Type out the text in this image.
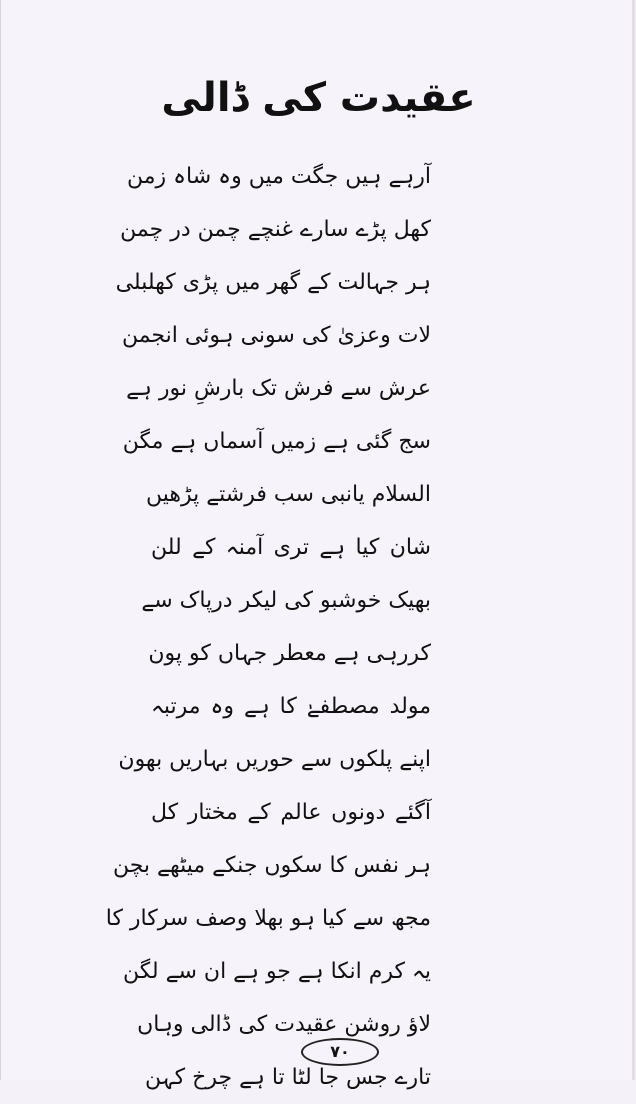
عقیدت کی ڈالی
آرہے ہیں جگت میں وہ شاہ زمن
کھل پڑے سارے غنچے چمن در چمن
ہر جہالت کے گھر میں پڑی کھلبلی
لات وعزیٰ کی سونی ہوئی انجمن
عرش سے فرش تک بارشِ نور ہے
سج گئی ہے زمیں آسماں ہے مگن
السلام یانبی سب فرشتے پڑھیں
شان کیا ہے تری آمنہ کے للن
بھیک خوشبو کی لیکر درپاک سے
کررہی ہے معطر جہاں کو پون
مولد مصطفےٰ کا ہے وہ مرتبہ
اپنے پلکوں سے حوریں بہاریں بھون
آگئے دونوں عالم کے مختار کل
ہر نفس کا سکوں جنکے میٹھے بچن
مجھ سے کیا ہو بھلا وصف سرکار کا
یہ کرم انکا ہے جو ہے ان سے لگن
لاؤ روشن عقیدت کی ڈالی وہاں
تارے جس جا لٹا تا ہے چرخ کہن
٧٠
